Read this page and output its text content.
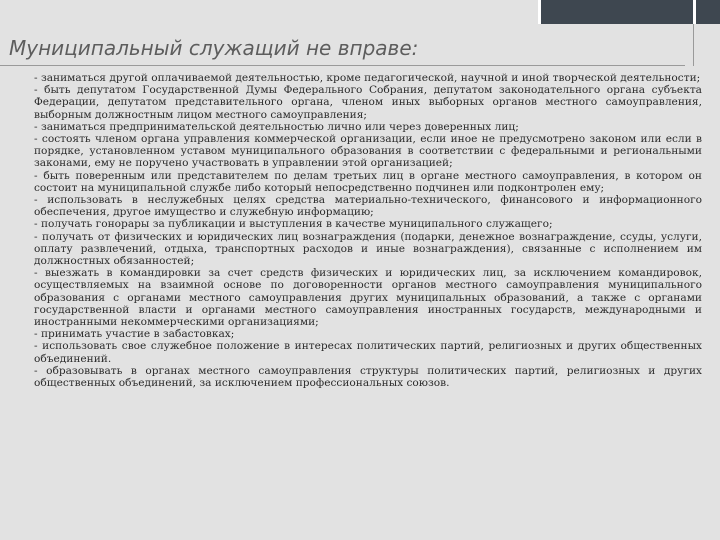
Муниципальный служащий не вправе:
- заниматься другой оплачиваемой деятельностью, кроме педагогической, научной и иной творческой деятельности;
- быть депутатом Государственной Думы Федерального Собрания, депутатом законодательного органа субъекта Федерации, депутатом представительного органа, членом иных выборных органов местного самоуправления, выборным должностным лицом местного самоуправления;
- заниматься предпринимательской деятельностью лично или через доверенных лиц;
- состоять членом органа управления коммерческой организации, если иное не предусмотрено законом или если в порядке, установленном уставом муниципального образования в соответствии с федеральными и региональными законами, ему не поручено участвовать в управлении этой организацией;
- быть поверенным или представителем по делам третьих лиц в органе местного самоуправления, в котором он состоит на муниципальной службе либо который непосредственно подчинен или подконтролен ему;
- использовать в неслужебных целях средства материально-технического, финансового и информационного обеспечения, другое имущество и служебную информацию;
- получать гонорары за публикации и выступления в качестве муниципального служащего;
- получать от физических и юридических лиц вознаграждения (подарки, денежное вознаграждение, ссуды, услуги, оплату развлечений, отдыха, транспортных расходов и иные вознаграждения), связанные с исполнением им должностных обязанностей;
- выезжать в командировки за счет средств физических и юридических лиц, за исключением командировок, осуществляемых на взаимной основе по договоренности органов местного самоуправления муниципального образования с органами местного самоуправления других муниципальных образований, а также с органами государственной власти и органами местного самоуправления иностранных государств, международными и иностранными некоммерческими организациями;
- принимать участие в забастовках;
- использовать свое служебное положение в интересах политических партий, религиозных и других общественных объединений.
- образовывать в органах местного самоуправления структуры политических партий, религиозных и других общественных объединений, за исключением профессиональных союзов.
